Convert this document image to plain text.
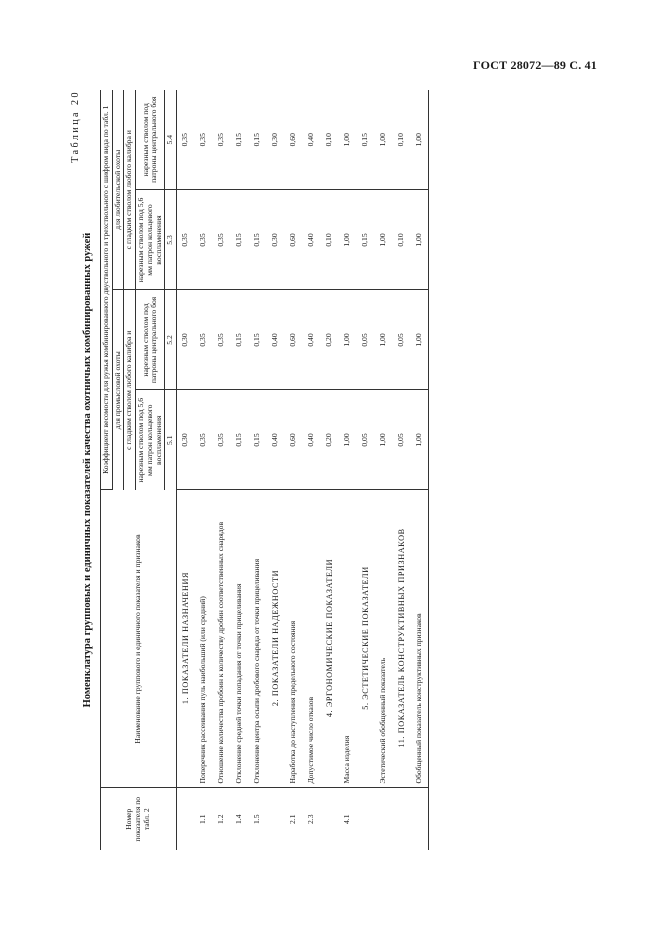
ГОСТ 28072—89 С. 41
Таблица 20
Номенклатура групповых и единичных показателей качества охотничьих комбинированных ружей
Номер показателя по табл. 2	Наименование группового и единичного показателя и признаков	Коэффициент весомости для ружья комбинированного двуствольного и трехствольного с шифром вида по табл. 1			
		для промысловой охоты		для любительской охоты	
		с гладким стволом любого калибра и		с гладким стволом любого калибра и	
		нарезным стволом под 5,6 мм патрон кольцевого воспламенения	нарезным стволом под патроны центрального боя	нарезным стволом под 5,6 мм патрон кольцевого воспламенения	нарезным стволом под патроны центрального боя
		5.1	5.2	5.3	5.4
	1. ПОКАЗАТЕЛИ НАЗНАЧЕНИЯ	0,30	0,30	0,35	0,35
1.1	Поперечник рассеивания пуль наибольший (или средний)	0,35	0,35	0,35	0,35
1.2	Отношение количества пробоин к количеству дробин соответственных снарядов	0,35	0,35	0,35	0,35
1.4	Отклонение средней точки попадания от точки прицеливания	0,15	0,15	0,15	0,15
1.5	Отклонение центра осыпи дробового снаряда от точки прицеливания	0,15	0,15	0,15	0,15
	2. ПОКАЗАТЕЛИ НАДЕЖНОСТИ	0,40	0,40	0,30	0,30
2.1	Наработка до наступления предельного состояния	0,60	0,60	0,60	0,60
2.3	Допустимое число отказов	0,40	0,40	0,40	0,40
	4. ЭРГОНОМИЧЕСКИЕ ПОКАЗАТЕЛИ	0,20	0,20	0,10	0,10
4.1	Масса изделия	1,00	1,00	1,00	1,00
	5. ЭСТЕТИЧЕСКИЕ ПОКАЗАТЕЛИ	0,05	0,05	0,15	0,15
	Эстетический обобщенный показатель	1,00	1,00	1,00	1,00
	11. ПОКАЗАТЕЛЬ КОНСТРУКТИВНЫХ ПРИЗНАКОВ	0,05	0,05	0,10	0,10
	Обобщенный показатель конструктивных признаков	1,00	1,00	1,00	1,00
